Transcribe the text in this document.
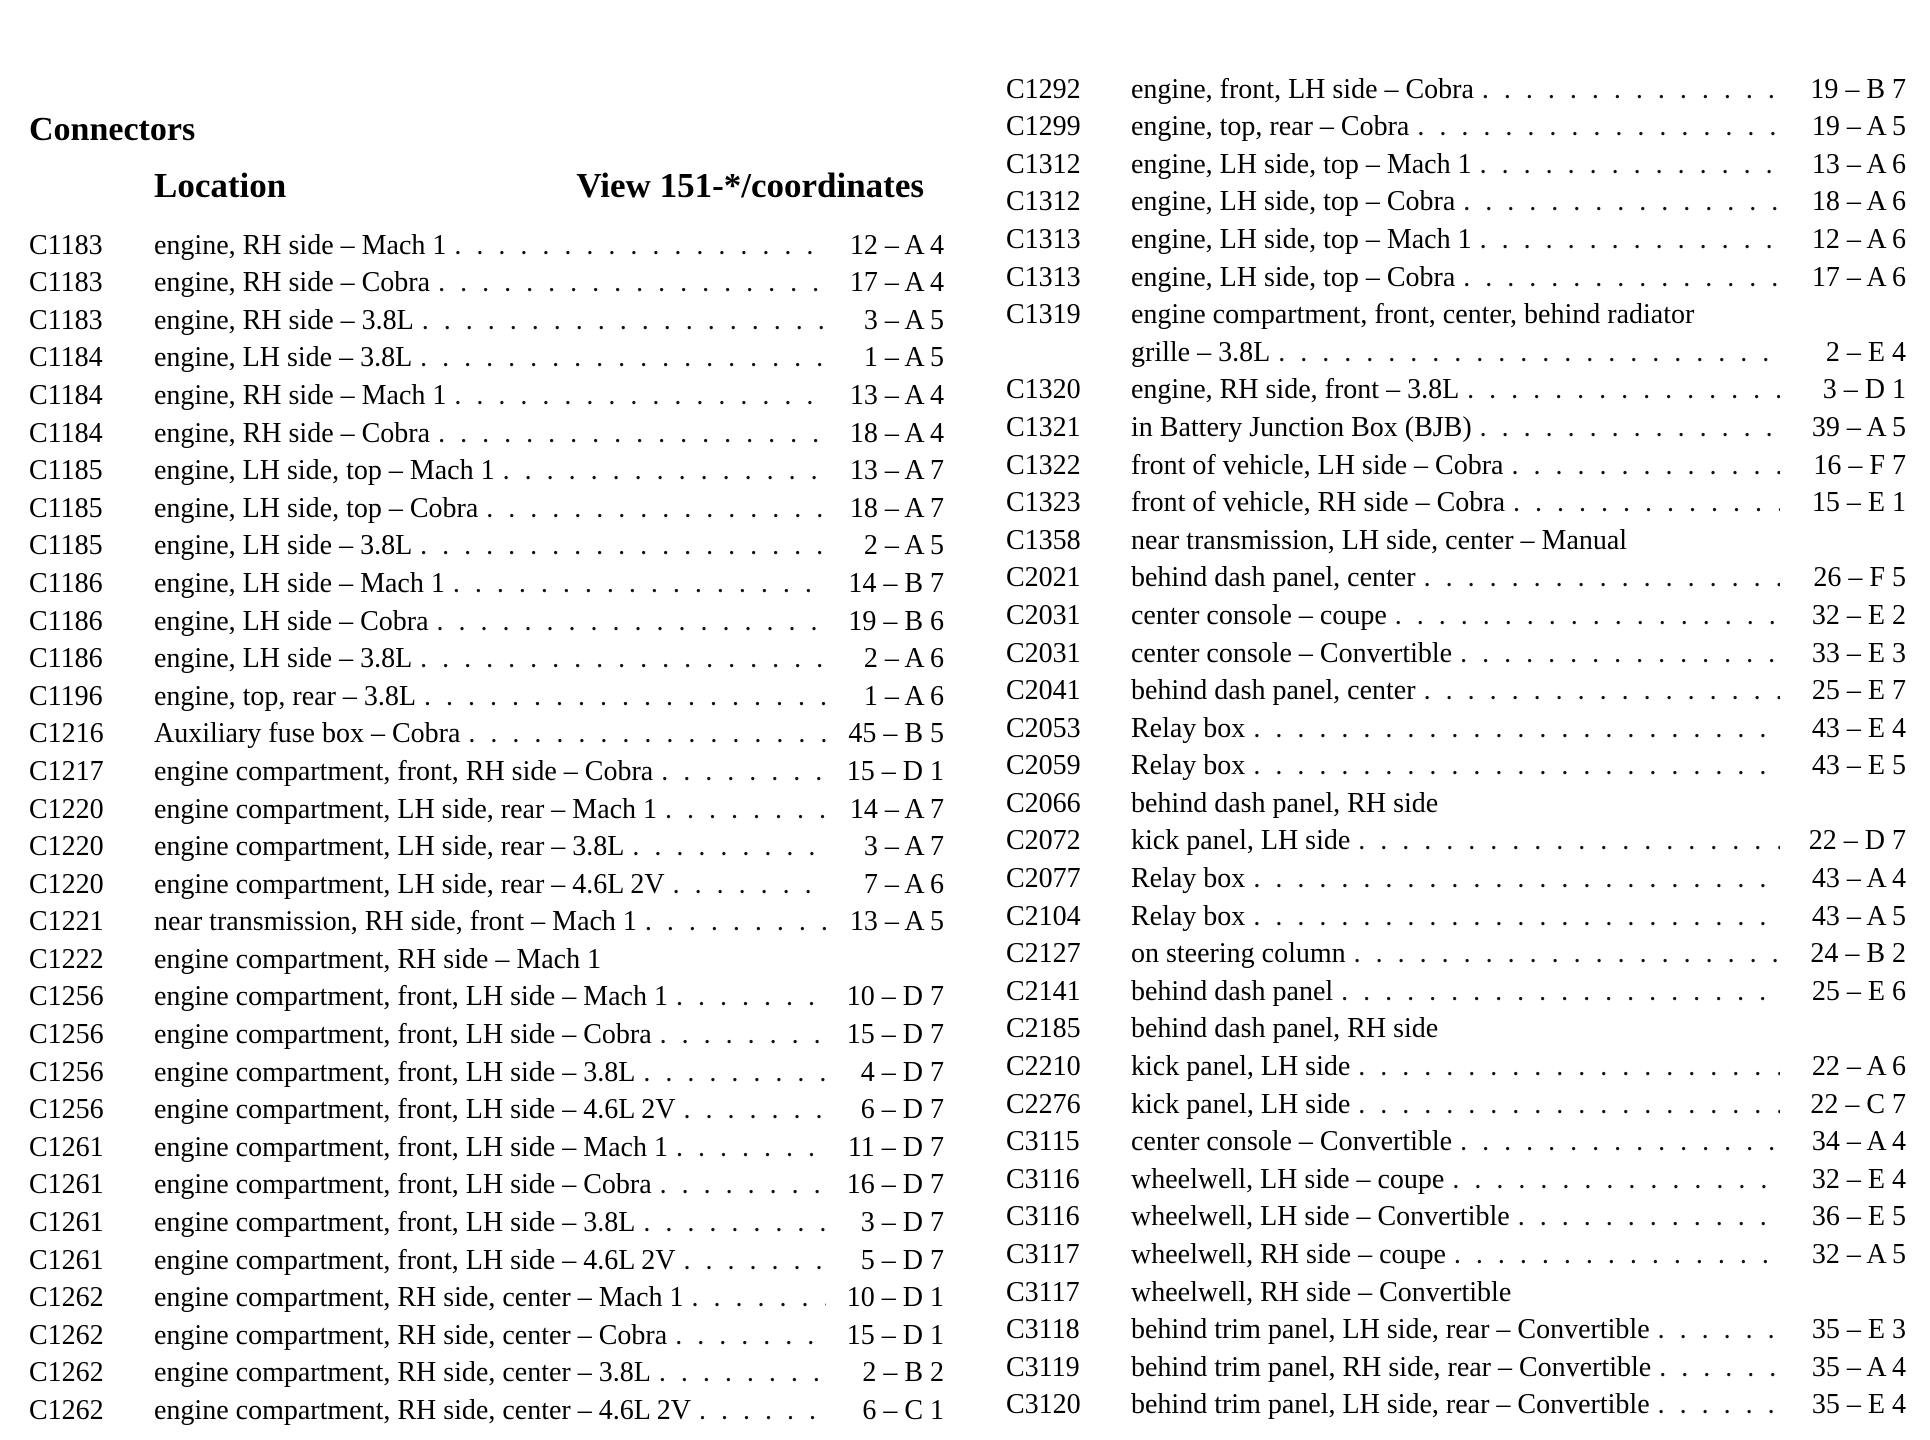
Connectors
Location	View 151-*/coordinates
C1183	engine, RH side – Mach 1 . . .	12 – A 4
C1183	engine, RH side – Cobra . . .	17 – A 4
C1183	engine, RH side – 3.8L . . .	3 – A 5
C1184	engine, LH side – 3.8L . . .	1 – A 5
C1184	engine, RH side – Mach 1 . . .	13 – A 4
C1184	engine, RH side – Cobra . . .	18 – A 4
C1185	engine, LH side, top – Mach 1 . . .	13 – A 7
C1185	engine, LH side, top – Cobra . . .	18 – A 7
C1185	engine, LH side – 3.8L . . .	2 – A 5
C1186	engine, LH side – Mach 1 . . .	14 – B 7
C1186	engine, LH side – Cobra . . .	19 – B 6
C1186	engine, LH side – 3.8L . . .	2 – A 6
C1196	engine, top, rear – 3.8L . . .	1 – A 6
C1216	Auxiliary fuse box – Cobra . . .	45 – B 5
C1217	engine compartment, front, RH side – Cobra . . .	15 – D 1
C1220	engine compartment, LH side, rear – Mach 1 . . .	14 – A 7
C1220	engine compartment, LH side, rear – 3.8L . . .	3 – A 7
C1220	engine compartment, LH side, rear – 4.6L 2V . . .	7 – A 6
C1221	near transmission, RH side, front – Mach 1 . . .	13 – A 5
C1222	engine compartment, RH side – Mach 1
C1256	engine compartment, front, LH side – Mach 1 . . .	10 – D 7
C1256	engine compartment, front, LH side – Cobra . . .	15 – D 7
C1256	engine compartment, front, LH side – 3.8L . . .	4 – D 7
C1256	engine compartment, front, LH side – 4.6L 2V . . .	6 – D 7
C1261	engine compartment, front, LH side – Mach 1 . . .	11 – D 7
C1261	engine compartment, front, LH side – Cobra . . .	16 – D 7
C1261	engine compartment, front, LH side – 3.8L . . .	3 – D 7
C1261	engine compartment, front, LH side – 4.6L 2V . . .	5 – D 7
C1262	engine compartment, RH side, center – Mach 1 . . .	10 – D 1
C1262	engine compartment, RH side, center – Cobra . . .	15 – D 1
C1262	engine compartment, RH side, center – 3.8L . . .	2 – B 2
C1262	engine compartment, RH side, center – 4.6L 2V . . .	6 – C 1
C1292	engine, front, LH side – Cobra . . .	19 – B 7
C1299	engine, top, rear – Cobra . . .	19 – A 5
C1312	engine, LH side, top – Mach 1 . . .	13 – A 6
C1312	engine, LH side, top – Cobra . . .	18 – A 6
C1313	engine, LH side, top – Mach 1 . . .	12 – A 6
C1313	engine, LH side, top – Cobra . . .	17 – A 6
C1319	engine compartment, front, center, behind radiator
grille – 3.8L . . .	2 – E 4
C1320	engine, RH side, front – 3.8L . . .	3 – D 1
C1321	in Battery Junction Box (BJB) . . .	39 – A 5
C1322	front of vehicle, LH side – Cobra . . .	16 – F 7
C1323	front of vehicle, RH side – Cobra . . .	15 – E 1
C1358	near transmission, LH side, center – Manual
C2021	behind dash panel, center . . .	26 – F 5
C2031	center console – coupe . . .	32 – E 2
C2031	center console – Convertible . . .	33 – E 3
C2041	behind dash panel, center . . .	25 – E 7
C2053	Relay box . . .	43 – E 4
C2059	Relay box . . .	43 – E 5
C2066	behind dash panel, RH side
C2072	kick panel, LH side . . .	22 – D 7
C2077	Relay box . . .	43 – A 4
C2104	Relay box . . .	43 – A 5
C2127	on steering column . . .	24 – B 2
C2141	behind dash panel . . .	25 – E 6
C2185	behind dash panel, RH side
C2210	kick panel, LH side . . .	22 – A 6
C2276	kick panel, LH side . . .	22 – C 7
C3115	center console – Convertible . . .	34 – A 4
C3116	wheelwell, LH side – coupe . . .	32 – E 4
C3116	wheelwell, LH side – Convertible . . .	36 – E 5
C3117	wheelwell, RH side – coupe . . .	32 – A 5
C3117	wheelwell, RH side – Convertible
C3118	behind trim panel, LH side, rear – Convertible . . .	35 – E 3
C3119	behind trim panel, RH side, rear – Convertible . . .	35 – A 4
C3120	behind trim panel, LH side, rear – Convertible . . .	35 – E 4
